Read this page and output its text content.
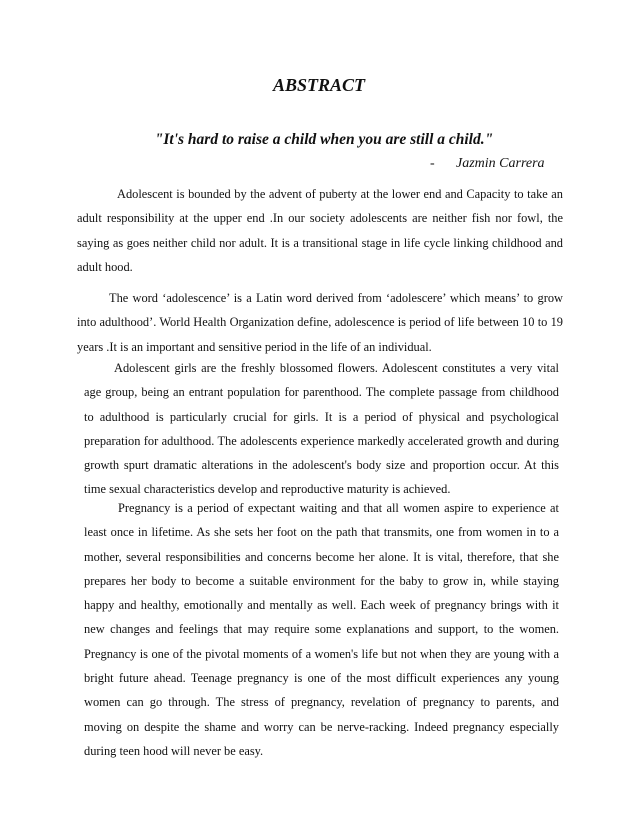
ABSTRACT
"It's hard to raise a child when you are still a child."
- Jazmin Carrera

Adolescent is bounded by the advent of puberty at the lower end and Capacity to take an adult responsibility at the upper end .In our society adolescents are neither fish nor fowl, the saying as goes neither child nor adult. It is a transitional stage in life cycle linking childhood and adult hood.

The word ‘adolescence’ is a Latin word derived from ‘adolescere’ which means’ to grow into adulthood’. World Health Organization define, adolescence is period of life between 10 to 19 years .It is an important and sensitive period in the life of an individual.

Adolescent girls are the freshly blossomed flowers. Adolescent constitutes a very vital age group, being an entrant population for parenthood. The complete passage from childhood to adulthood is particularly crucial for girls. It is a period of physical and psychological preparation for adulthood. The adolescents experience markedly accelerated growth and during growth spurt dramatic alterations in the adolescent's body size and proportion occur. At this time sexual characteristics develop and reproductive maturity is achieved.

Pregnancy is a period of expectant waiting and that all women aspire to experience at least once in lifetime. As she sets her foot on the path that transmits, one from women in to a mother, several responsibilities and concerns become her alone. It is vital, therefore, that she prepares her body to become a suitable environment for the baby to grow in, while staying happy and healthy, emotionally and mentally as well. Each week of pregnancy brings with it new changes and feelings that may require some explanations and support, to the women. Pregnancy is one of the pivotal moments of a women's life but not when they are young with a bright future ahead. Teenage pregnancy is one of the most difficult experiences any young women can go through. The stress of pregnancy, revelation of pregnancy to parents, and moving on despite the shame and worry can be nerve-racking. Indeed pregnancy especially during teen hood will never be easy.
